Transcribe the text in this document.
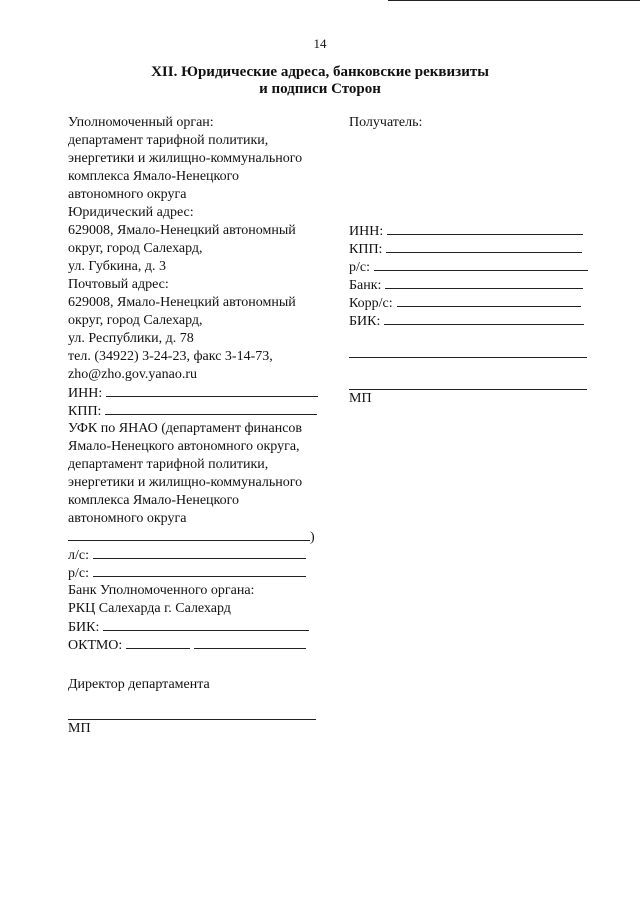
14
XII. Юридические адреса, банковские реквизиты
и подписи Сторон
Уполномоченный орган:
департамент тарифной политики,
энергетики и жилищно-коммунального
комплекса Ямало-Ненецкого
автономного округа
Юридический адрес:
629008, Ямало-Ненецкий автономный
округ, город Салехард,
ул. Губкина, д. 3
Почтовый адрес:
629008, Ямало-Ненецкий автономный
округ, город Салехард,
ул. Республики, д. 78
тел. (34922) 3-24-23, факс 3-14-73,
zho@zho.gov.yanao.ru
ИНН:
КПП:
УФК по ЯНАО (департамент финансов
Ямало-Ненецкого автономного округа,
департамент тарифной политики,
энергетики и жилищно-коммунального
комплекса Ямало-Ненецкого
автономного округа
)
л/с:
р/с:
Банк Уполномоченного органа:
РКЦ Салехарда г. Салехард
БИК:
ОКТМО:
Директор департамента
МП
Получатель:
ИНН:
КПП:
р/с:
Банк:
Корр/с:
БИК:
МП
